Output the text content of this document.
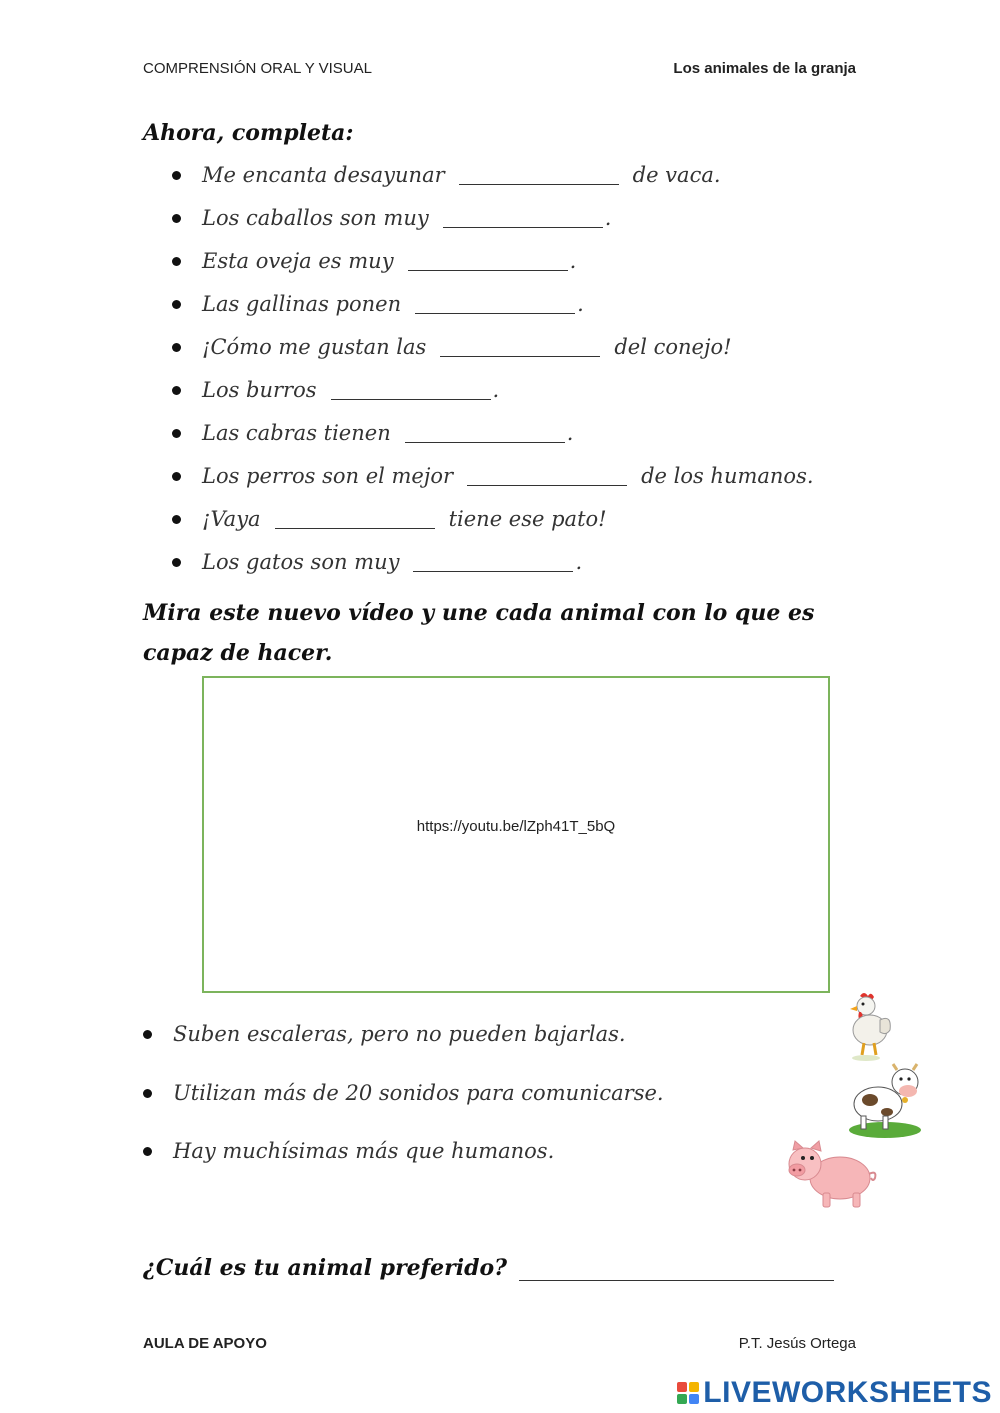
COMPRENSIÓN ORAL Y VISUAL	Los animales de la granja
Ahora, completa:
Me encanta desayunar	de vaca.
Los caballos son muy	.
Esta oveja es muy	.
Las gallinas ponen	.
¡Cómo me gustan las	del conejo!
Los burros	.
Las cabras tienen	.
Los perros son el mejor	de los humanos.
¡Vaya	tiene ese pato!
Los gatos son muy	.
Mira este nuevo vídeo y une cada animal con lo que es
capaz de hacer.
https://youtu.be/lZph41T_5bQ
Suben escaleras, pero no pueden bajarlas.
Utilizan más de 20 sonidos para comunicarse.
Hay muchísimas más que humanos.
¿Cuál es tu animal preferido?
AULA DE APOYO	P.T. Jesús Ortega
LIVEWORKSHEETS
